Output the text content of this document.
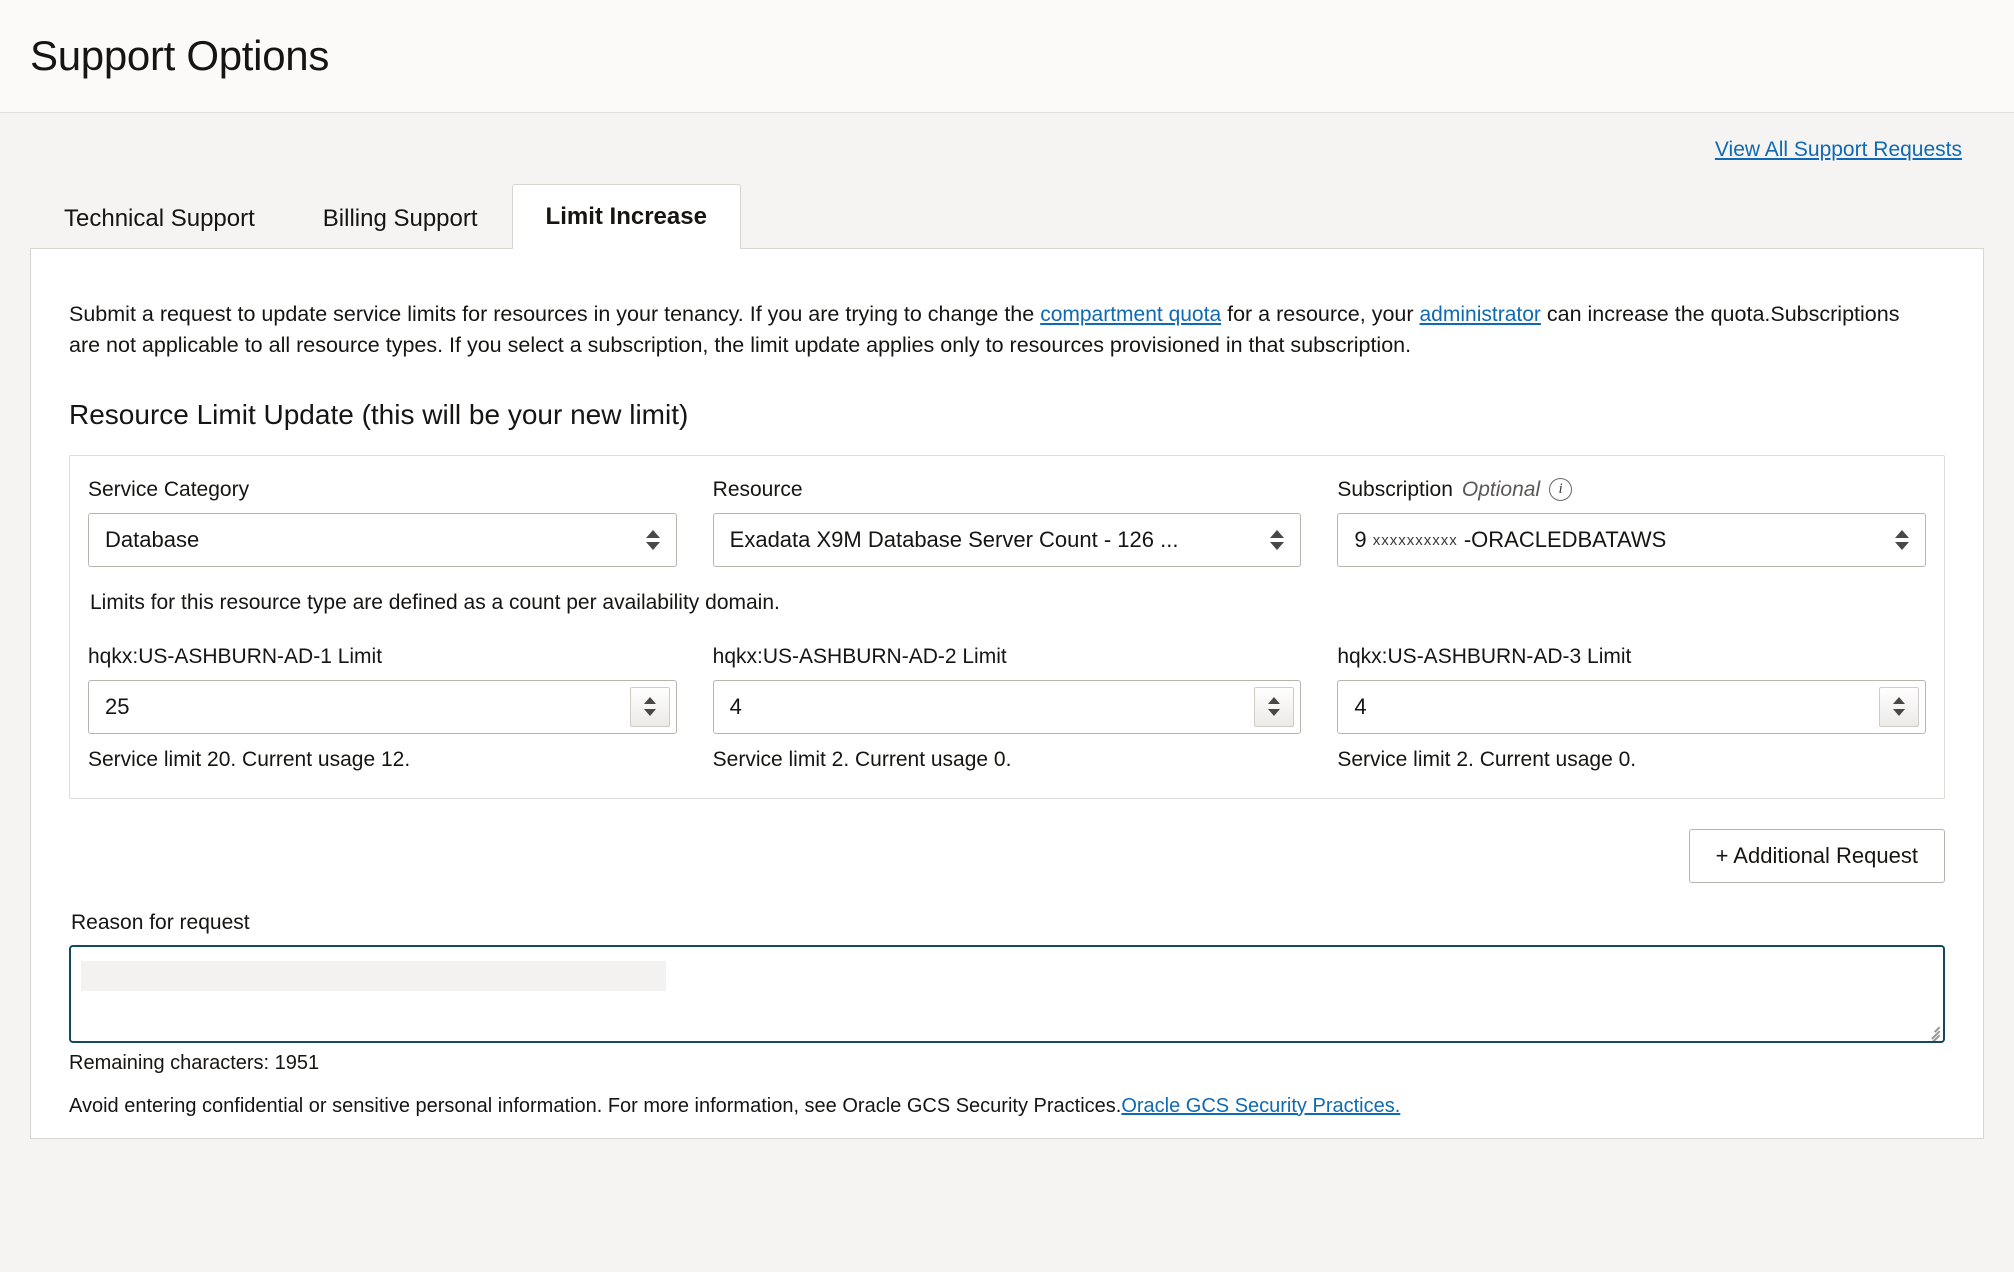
Support Options
View All Support Requests
Technical Support	Billing Support	Limit Increase

Submit a request to update service limits for resources in your tenancy. If you are trying to change the compartment quota for a resource, your administrator can increase the quota.Subscriptions are not applicable to all resource types. If you select a subscription, the limit update applies only to resources provisioned in that subscription.

Resource Limit Update (this will be your new limit)
Service Category
Database
Resource
Exadata X9M Database Server Count - 126 ...
Subscription Optional	i
9 xxxxxxxxxx -ORACLEDBATAWS
Limits for this resource type are defined as a count per availability domain.
hqkx:US-ASHBURN-AD-1 Limit
25
Service limit 20. Current usage 12.
hqkx:US-ASHBURN-AD-2 Limit
4
Service limit 2. Current usage 0.
hqkx:US-ASHBURN-AD-3 Limit
4
Service limit 2. Current usage 0.
+ Additional Request
Reason for request
Remaining characters: 1951
Avoid entering confidential or sensitive personal information. For more information, see Oracle GCS Security Practices.Oracle GCS Security Practices.
